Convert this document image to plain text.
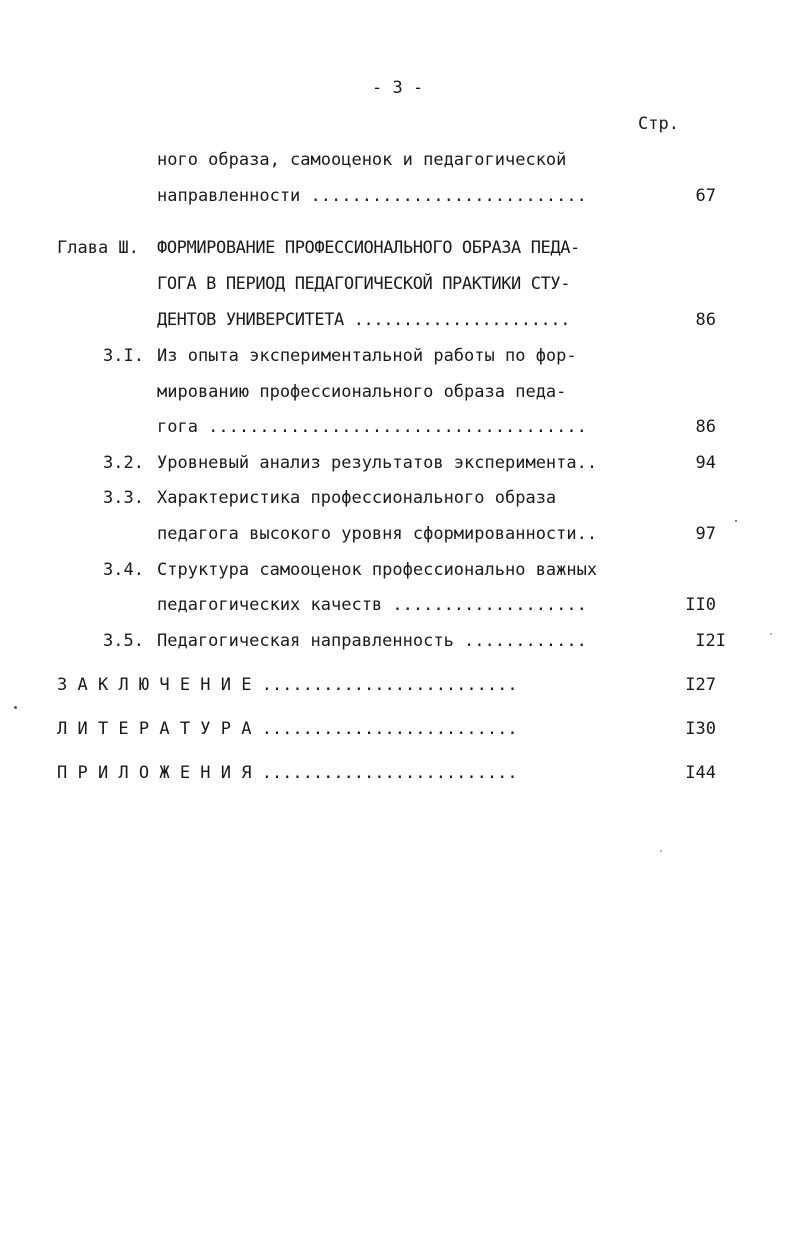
- 3 -
Стр.
ного образа, самооценок и педагогической
направленности ...........................	67
Глава Ш. ФОРМИРОВАНИЕ ПРОФЕССИОНАЛЬНОГО ОБРАЗА ПЕДА-
ГОГА В ПЕРИОД ПЕДАГОГИЧЕСКОЙ ПРАКТИКИ СТУ-
ДЕНТОВ УНИВЕРСИТЕТА ......................	86
3.I. Из опыта экспериментальной работы по фор-
мированию профессионального образа педа-
гога .....................................	86
3.2. Уровневый анализ результатов эксперимента..	94
3.3. Характеристика профессионального образа
педагога высокого уровня сформированности..	97
3.4. Структура самооценок профессионально важных
педагогических качеств ...................	II0
3.5. Педагогическая направленность ............	I2I
З А К Л Ю Ч Е Н И Е .........................	I27
Л И Т Е Р А Т У Р А .........................	I30
П Р И Л О Ж Е Н И Я .........................	I44
